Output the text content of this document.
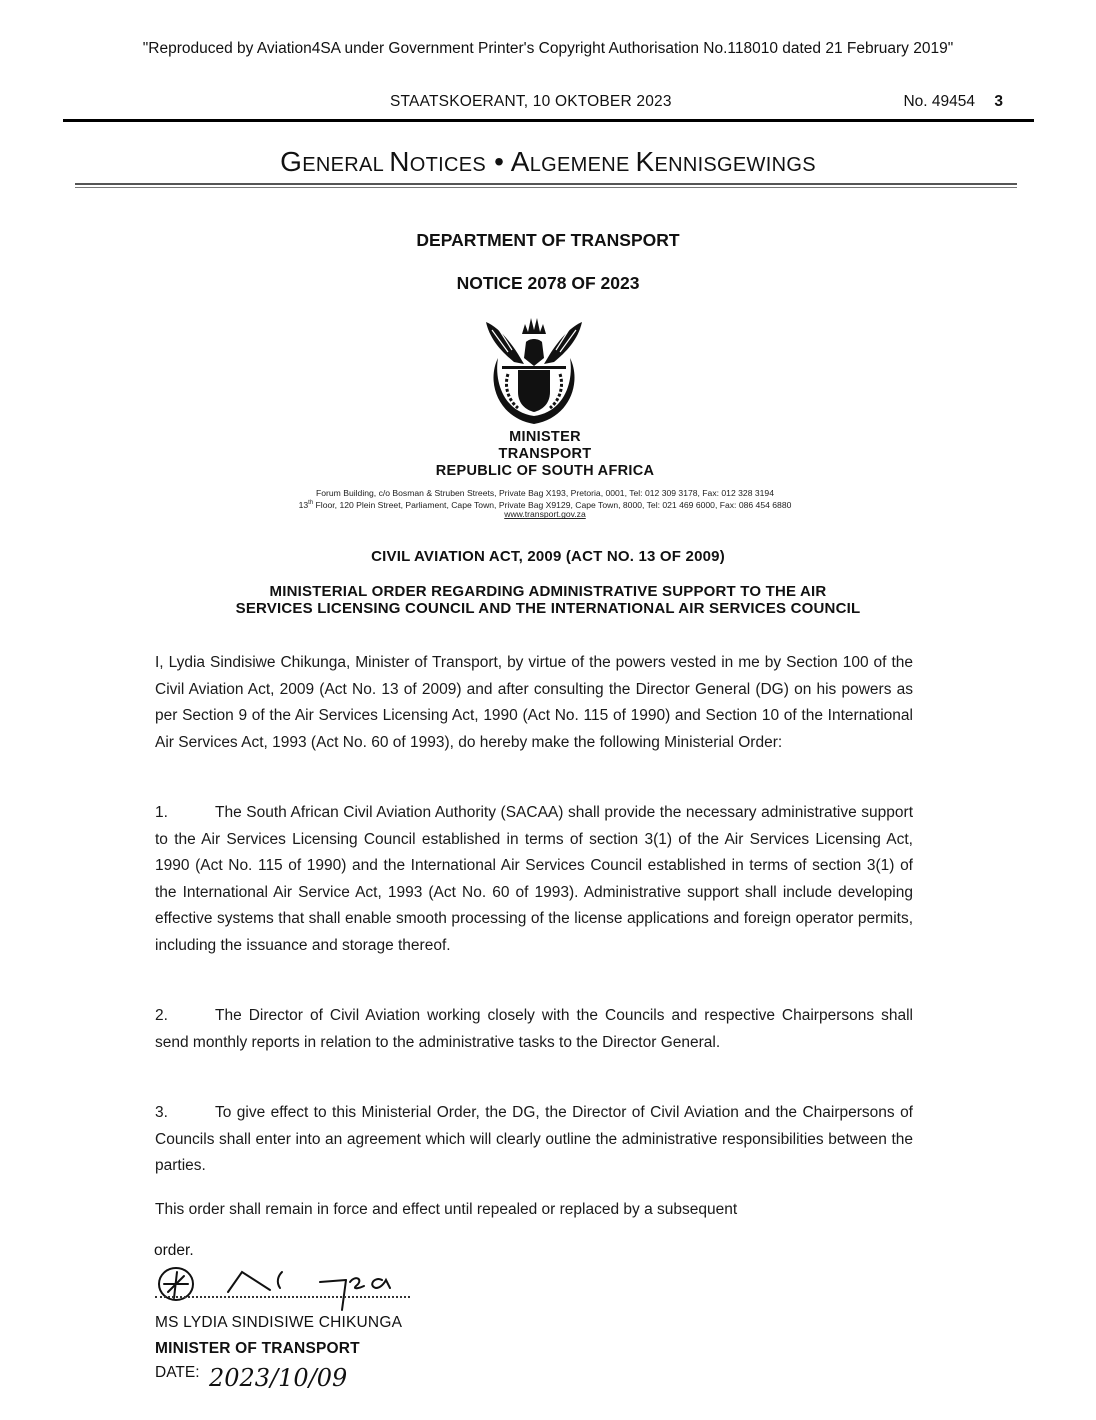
"Reproduced by Aviation4SA under Government Printer's Copyright Authorisation No.118010 dated 21 February 2019"
STAATSKOERANT, 10 OKTOBER 2023	No. 49454 3
GENERAL NOTICES • ALGEMENE KENNISGEWINGS
DEPARTMENT OF TRANSPORT
NOTICE 2078 OF 2023
MINISTER
TRANSPORT
REPUBLIC OF SOUTH AFRICA
Forum Building, c/o Bosman & Struben Streets, Private Bag X193, Pretoria, 0001, Tel: 012 309 3178, Fax: 012 328 3194
13th Floor, 120 Plein Street, Parliament, Cape Town, Private Bag X9129, Cape Town, 8000, Tel: 021 469 6000, Fax: 086 454 6880
www.transport.gov.za
CIVIL AVIATION ACT, 2009 (ACT NO. 13 OF 2009)
MINISTERIAL ORDER REGARDING ADMINISTRATIVE SUPPORT TO THE AIR
SERVICES LICENSING COUNCIL AND THE INTERNATIONAL AIR SERVICES COUNCIL
I, Lydia Sindisiwe Chikunga, Minister of Transport, by virtue of the powers vested in me by Section 100 of the Civil Aviation Act, 2009 (Act No. 13 of 2009) and after consulting the Director General (DG) on his powers as per Section 9 of the Air Services Licensing Act, 1990 (Act No. 115 of 1990) and Section 10 of the International Air Services Act, 1993 (Act No. 60 of 1993), do hereby make the following Ministerial Order:
1.	The South African Civil Aviation Authority (SACAA) shall provide the necessary administrative support to the Air Services Licensing Council established in terms of section 3(1) of the Air Services Licensing Act, 1990 (Act No. 115 of 1990) and the International Air Services Council established in terms of section 3(1) of the International Air Service Act, 1993 (Act No. 60 of 1993). Administrative support shall include developing effective systems that shall enable smooth processing of the license applications and foreign operator permits, including the issuance and storage thereof.
2.	The Director of Civil Aviation working closely with the Councils and respective Chairpersons shall send monthly reports in relation to the administrative tasks to the Director General.
3.	To give effect to this Ministerial Order, the DG, the Director of Civil Aviation and the Chairpersons of Councils shall enter into an agreement which will clearly outline the administrative responsibilities between the parties.
This order shall remain in force and effect until repealed or replaced by a subsequent
order.
MS LYDIA SINDISIWE CHIKUNGA
MINISTER OF TRANSPORT
DATE: 2023/10/09
